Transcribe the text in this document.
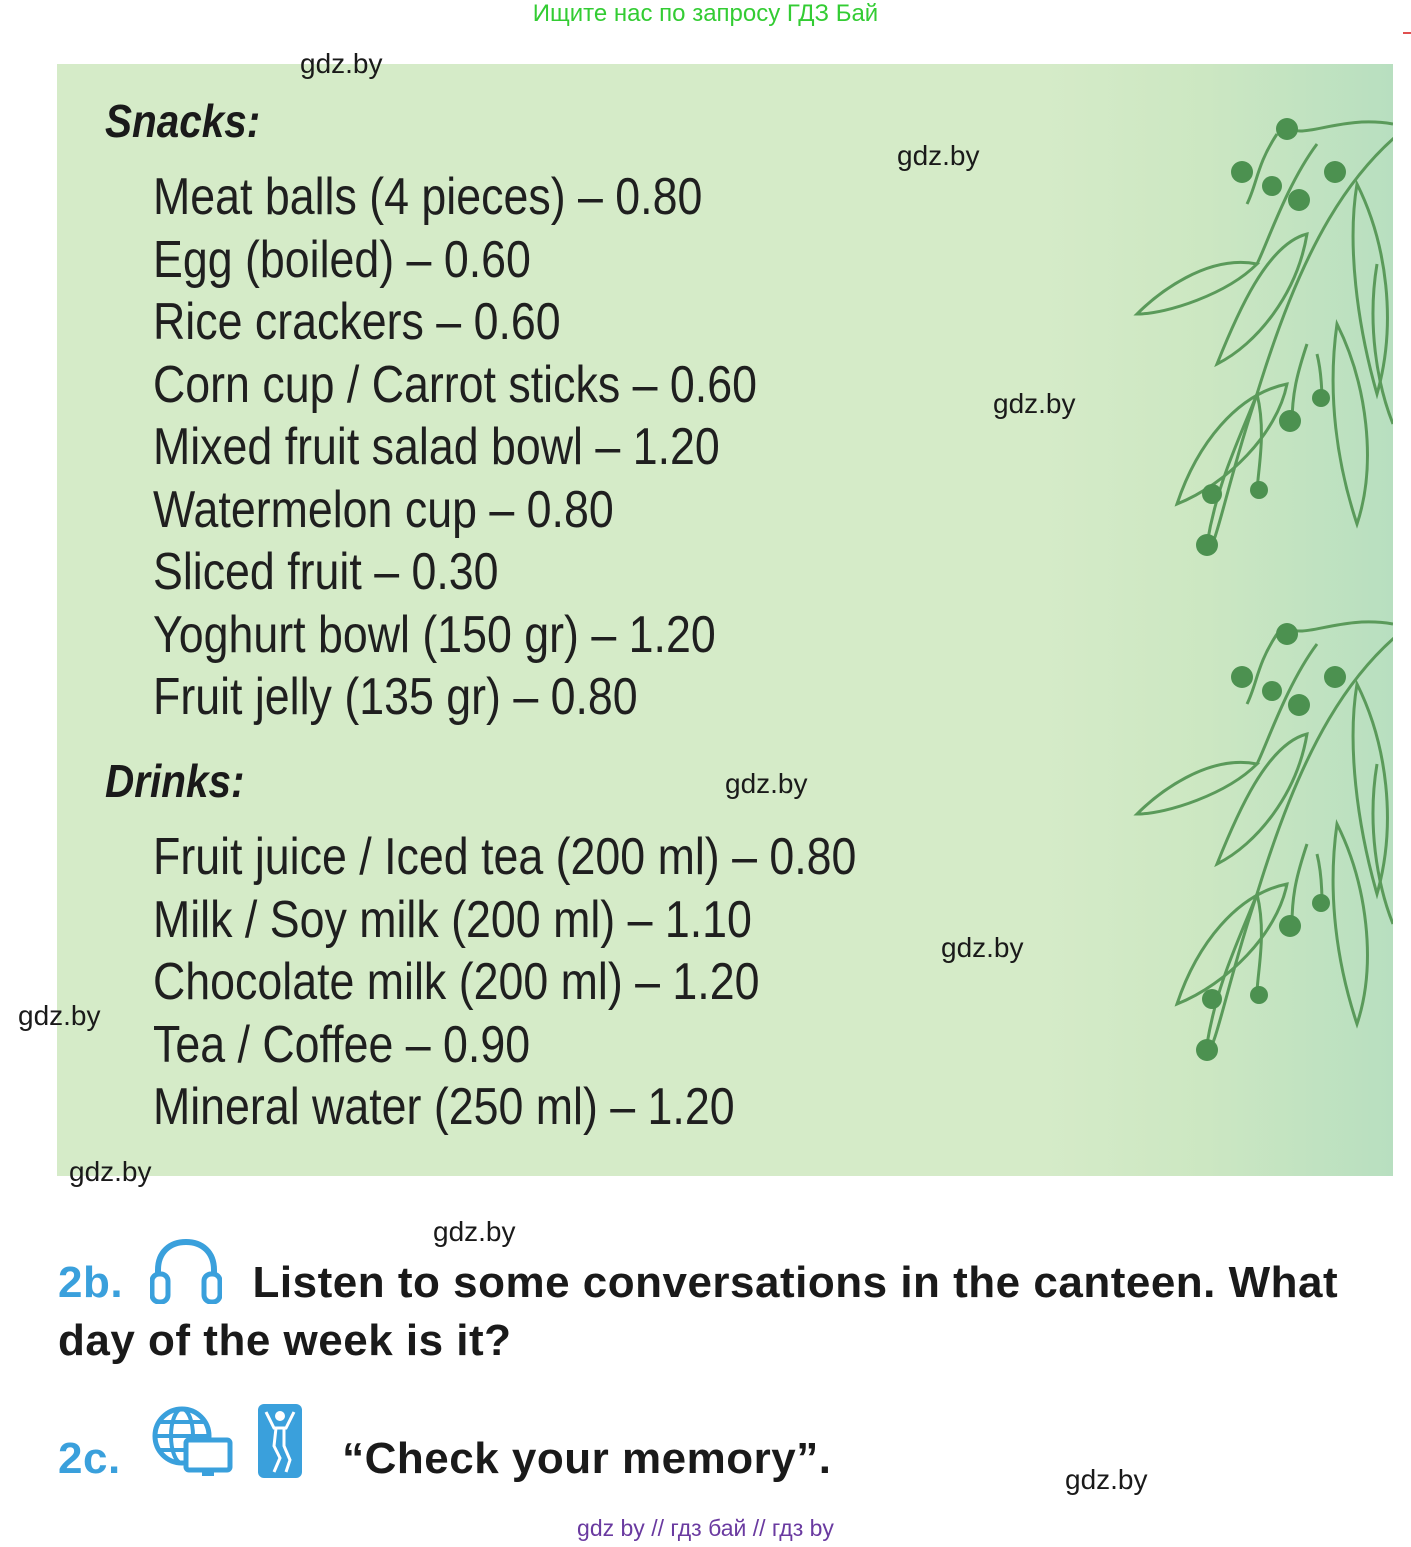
Ищите нас по запросу ГДЗ Бай
Snacks:
Meat balls (4 pieces) – 0.80
Egg (boiled) – 0.60
Rice crackers – 0.60
Corn cup / Carrot sticks – 0.60
Mixed fruit salad bowl – 1.20
Watermelon cup – 0.80
Sliced fruit – 0.30
Yoghurt bowl (150 gr) – 1.20
Fruit jelly (135 gr) – 0.80
Drinks:
Fruit juice / Iced tea (200 ml) – 0.80
Milk / Soy milk (200 ml) – 1.10
Chocolate milk (200 ml) – 1.20
Tea / Coffee – 0.90
Mineral water (250 ml) – 1.20
gdz.by
gdz.by
gdz.by
gdz.by
gdz.by
gdz.by
gdz.by
gdz.by
gdz.by
2b.	Listen to some conversations in the canteen. What
day of the week is it?
2c.	“Check your memory”.
gdz by // гдз бай // гдз by
